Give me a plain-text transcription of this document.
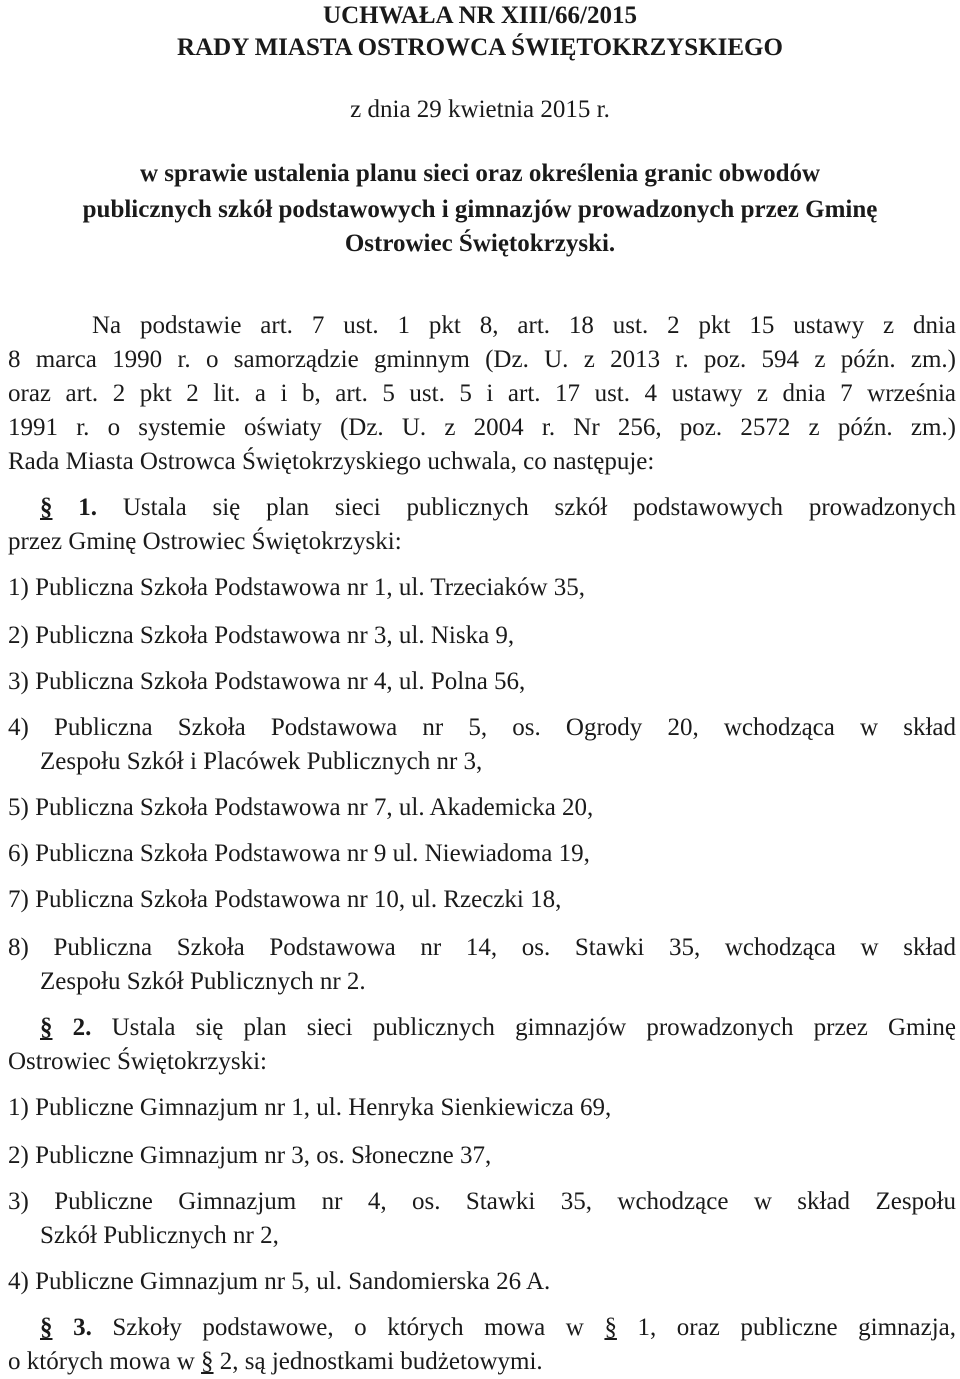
UCHWAŁA NR XIII/66/2015
RADY MIASTA OSTROWCA ŚWIĘTOKRZYSKIEGO
z dnia 29 kwietnia 2015 r.
w sprawie ustalenia planu sieci oraz określenia granic obwodów
publicznych szkół podstawowych i gimnazjów prowadzonych przez Gminę
Ostrowiec Świętokrzyski.
Na podstawie art. 7 ust. 1 pkt 8, art. 18 ust. 2 pkt 15 ustawy z dnia
8 marca 1990 r. o samorządzie gminnym (Dz. U. z 2013 r. poz. 594 z późn. zm.)
oraz art. 2 pkt 2 lit. a i b, art. 5 ust. 5 i art. 17 ust. 4 ustawy z dnia 7 września
1991 r. o systemie oświaty (Dz. U. z 2004 r. Nr 256, poz. 2572 z późn. zm.)
Rada Miasta Ostrowca Świętokrzyskiego uchwala, co następuje:
§ 1. Ustala się plan sieci publicznych szkół podstawowych prowadzonych
przez Gminę Ostrowiec Świętokrzyski:
1) Publiczna Szkoła Podstawowa nr 1, ul. Trzeciaków 35,
2) Publiczna Szkoła Podstawowa nr 3, ul. Niska 9,
3) Publiczna Szkoła Podstawowa nr 4, ul. Polna 56,
4) Publiczna Szkoła Podstawowa nr 5, os. Ogrody 20, wchodząca w skład
Zespołu Szkół i Placówek Publicznych nr 3,
5) Publiczna Szkoła Podstawowa nr 7, ul. Akademicka 20,
6) Publiczna Szkoła Podstawowa nr 9 ul. Niewiadoma 19,
7) Publiczna Szkoła Podstawowa nr 10, ul. Rzeczki 18,
8) Publiczna Szkoła Podstawowa nr 14, os. Stawki 35, wchodząca w skład
Zespołu Szkół Publicznych nr 2.
§ 2. Ustala się plan sieci publicznych gimnazjów prowadzonych przez Gminę
Ostrowiec Świętokrzyski:
1) Publiczne Gimnazjum nr 1, ul. Henryka Sienkiewicza 69,
2) Publiczne Gimnazjum nr 3, os. Słoneczne 37,
3) Publiczne Gimnazjum nr 4, os. Stawki 35, wchodzące w skład Zespołu
Szkół Publicznych nr 2,
4) Publiczne Gimnazjum nr 5, ul. Sandomierska 26 A.
§ 3. Szkoły podstawowe, o których mowa w § 1, oraz publiczne gimnazja,
o których mowa w § 2, są jednostkami budżetowymi.
